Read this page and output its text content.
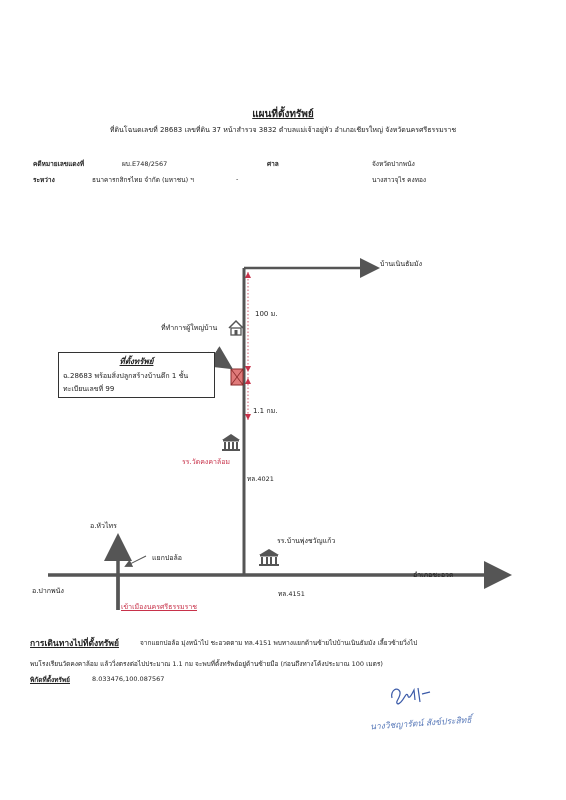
แผนที่ตั้งทรัพย์
ที่ดินโฉนดเลขที่ 28683 เลขที่ดิน 37 หน้าสำรวจ 3832 ตำบลแม่เจ้าอยู่หัว อำเภอเชียรใหญ่ จังหวัดนครศรีธรรมราช
คดีหมายเลขแดงที่	ผบ.E748/2567	ศาล	จังหวัดปากพนัง
ระหว่าง	ธนาคารกสิกรไทย จำกัด (มหาชน) ฯ	-	นางสาวจุไร คงทอง
บ้านเนินธัมมัง
100 ม.
ที่ทำการผู้ใหญ่บ้าน
1.1 กม.
รร.วัดคงคาล้อม
ทล.4021
อ.หัวไทร
รร.บ้านพุ่งชวัญแก้ว
แยกปอล้อ
อำเภอชะอวด
อ.ปากพนัง	ทล.4151
เข้าเมืองนครศรีธรรมราช
ที่ตั้งทรัพย์
ฉ.28683 พร้อมสิ่งปลูกสร้างบ้านตึก 1 ชั้น
ทะเบียนเลขที่ 99
การเดินทางไปที่ตั้งทรัพย์	จากแยกปอล้อ มุ่งหน้าไป ชะอวดตาม ทล.4151 พบทางแยกด้านซ้ายไปบ้านเนินธัมมัง เลี้ยวซ้ายวิ่งไป
พบโรงเรียนวัดคงคาล้อม แล้ววิ่งตรงต่อไปประมาณ 1.1 กม จะพบที่ตั้งทรัพย์อยู่ด้านซ้ายมือ (ก่อนถึงทางโค้งประมาณ 100 เมตร)
พิกัดที่ตั้งทรัพย์	8.033476,100.087567
นางวิชญารัตน์ สังข์ประสิทธิ์
